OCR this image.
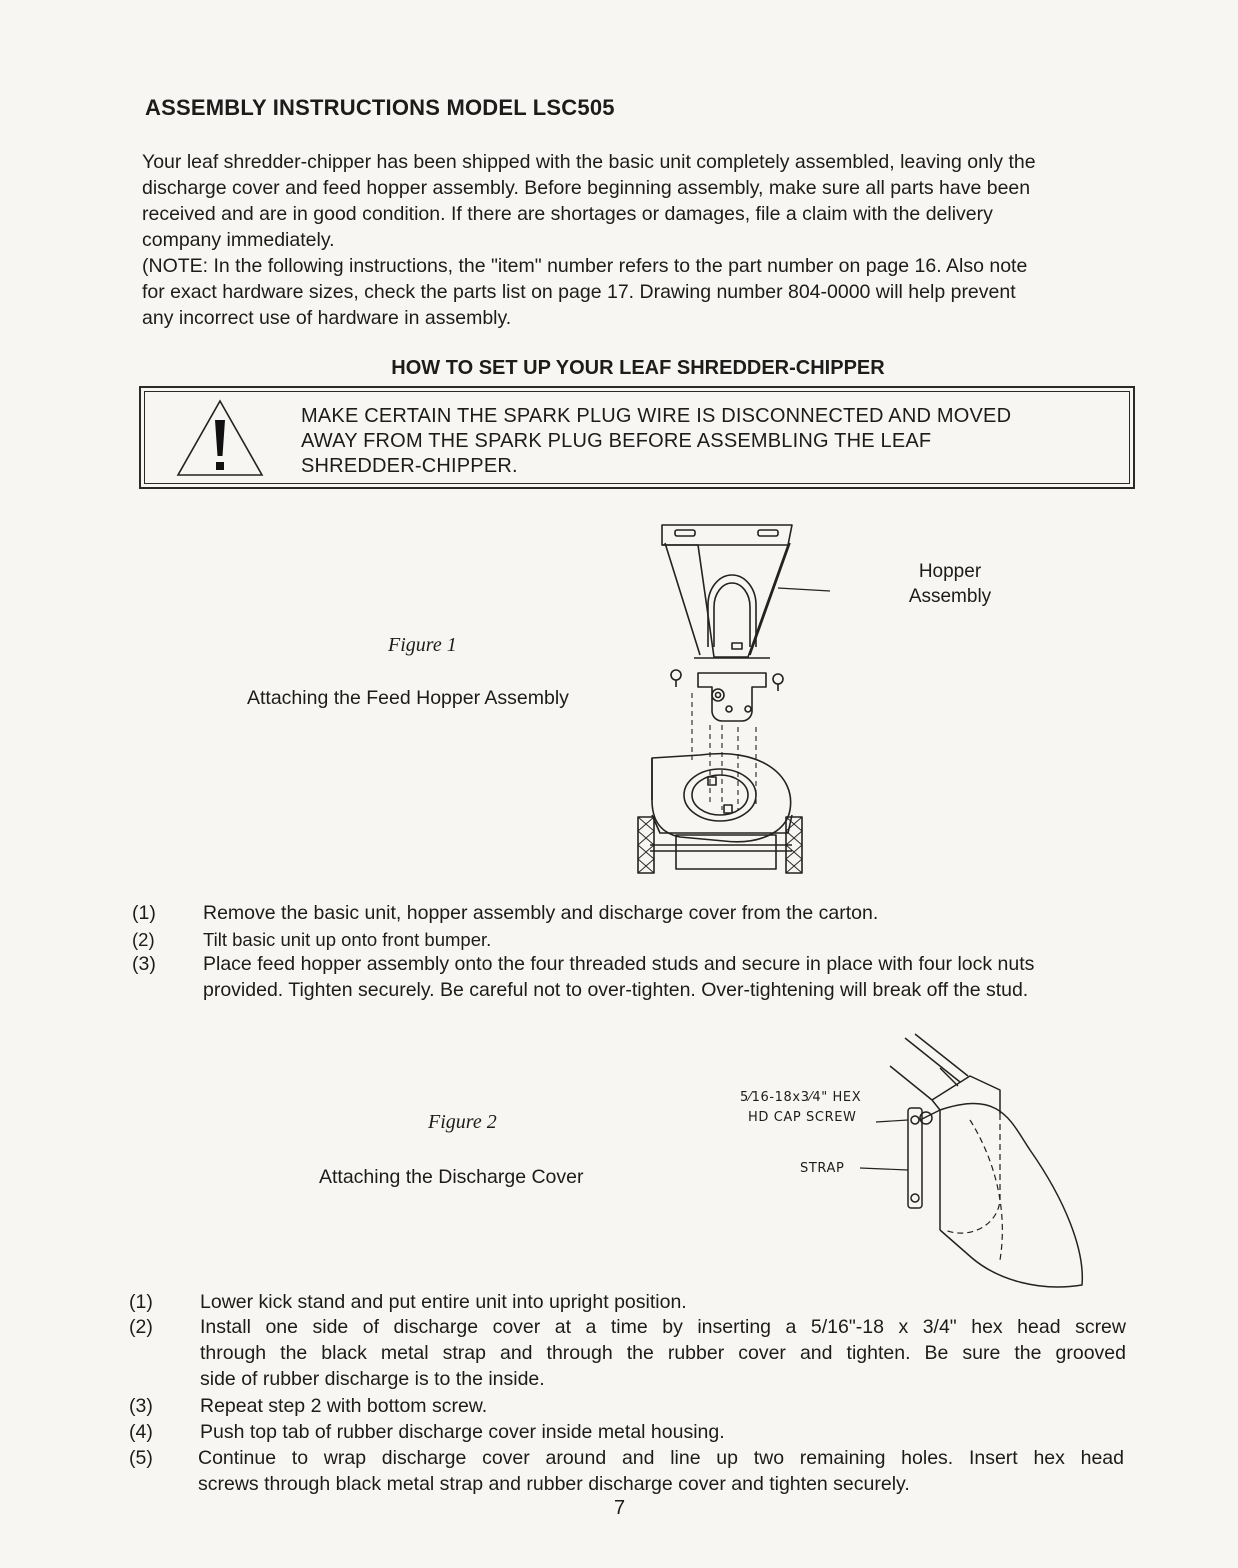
ASSEMBLY INSTRUCTIONS MODEL LSC505
Your leaf shredder-chipper has been shipped with the basic unit completely assembled, leaving only the
discharge cover and feed hopper assembly. Before beginning assembly, make sure all parts have been
received and are in good condition. If there are shortages or damages, file a claim with the delivery
company immediately.
(NOTE: In the following instructions, the "item" number refers to the part number on page 16. Also note
for exact hardware sizes, check the parts list on page 17. Drawing number 804-0000 will help prevent
any incorrect use of hardware in assembly.
HOW TO SET UP YOUR LEAF SHREDDER-CHIPPER
MAKE CERTAIN THE SPARK PLUG WIRE IS DISCONNECTED AND MOVED
AWAY FROM THE SPARK PLUG BEFORE ASSEMBLING THE LEAF
SHREDDER-CHIPPER.
Figure 1
Attaching the Feed Hopper Assembly
Hopper
Assembly
(1) Remove the basic unit, hopper assembly and discharge cover from the carton.
(2)	Tilt basic unit up onto front bumper.
(3) Place feed hopper assembly onto the four threaded studs and secure in place with four lock nuts
provided. Tighten securely. Be careful not to over-tighten. Over-tightening will break off the stud.
Figure 2
Attaching the Discharge Cover
5⁄16-18x3⁄4" HEX
HD CAP SCREW
STRAP
(1) Lower kick stand and put entire unit into upright position.
(2) Install one side of discharge cover at a time by inserting a 5/16"-18 x 3/4" hex head screw
through the black metal strap and through the rubber cover and tighten. Be sure the grooved
side of rubber discharge is to the inside.
(3) Repeat step 2 with bottom screw.
(4) Push top tab of rubber discharge cover inside metal housing.
(5) Continue to wrap discharge cover around and line up two remaining holes. Insert hex head
screws through black metal strap and rubber discharge cover and tighten securely.
7
